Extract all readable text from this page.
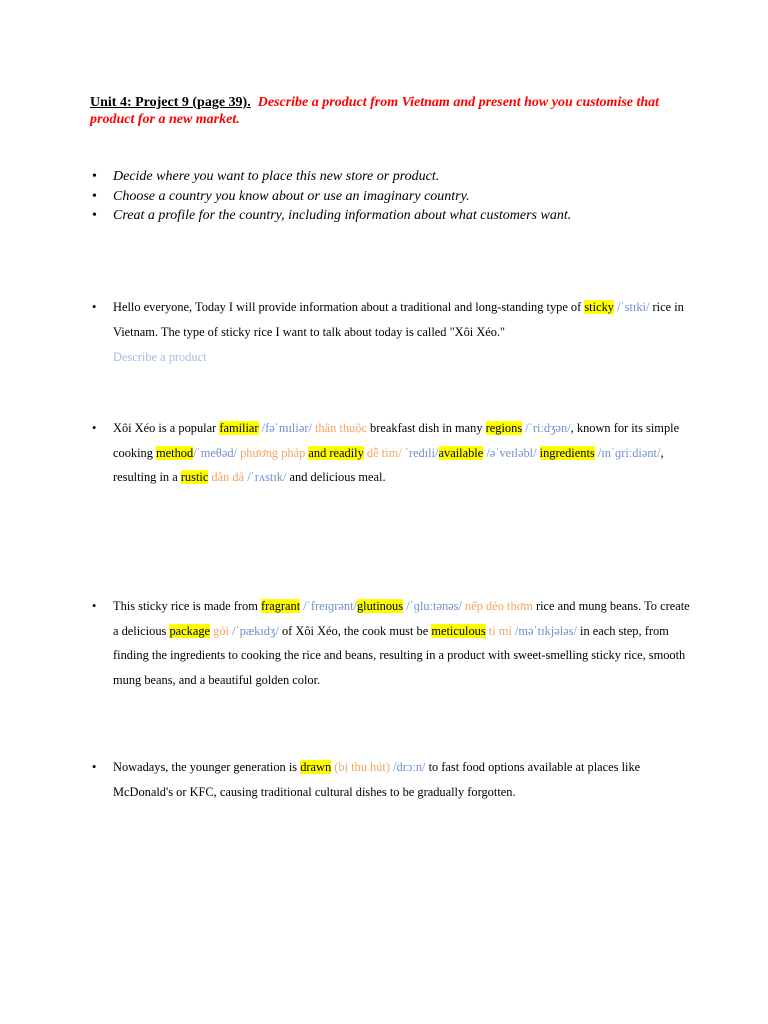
Unit 4: Project 9 (page 39). Describe a product from Vietnam and present how you customise that product for a new market.
• Decide where you want to place this new store or product.
• Choose a country you know about or use an imaginary country.
• Creat a profile for the country, including information about what customers want.
• Hello everyone, Today I will provide information about a traditional and long-standing type of sticky /ˈstɪki/ rice in Vietnam. The type of sticky rice I want to talk about today is called "Xôi Xéo."
Describe a product
• Xôi Xéo is a popular familiar /fəˈmɪliər/ thân thuộc breakfast dish in many regions /ˈriːdʒən/, known for its simple cooking method/ˈmeθəd/ phương pháp and readily dễ tìm/ ˈredɪli/available /əˈveɪləbl/ ingredients /ɪnˈɡriːdiənt/, resulting in a rustic dân dã /ˈrʌstɪk/ and delicious meal.
• This sticky rice is made from fragrant /ˈfreɪɡrənt/glutinous /ˈɡluːtənəs/ nếp dẻo thơm rice and mung beans. To create a delicious package gói /ˈpækɪdʒ/ of Xôi Xéo, the cook must be meticulous tỉ mỉ /məˈtɪkjələs/ in each step, from finding the ingredients to cooking the rice and beans, resulting in a product with sweet-smelling sticky rice, smooth mung beans, and a beautiful golden color.
• Nowadays, the younger generation is drawn (bị thu hút) /drɔːn/ to fast food options available at places like McDonald's or KFC, causing traditional cultural dishes to be gradually forgotten.
